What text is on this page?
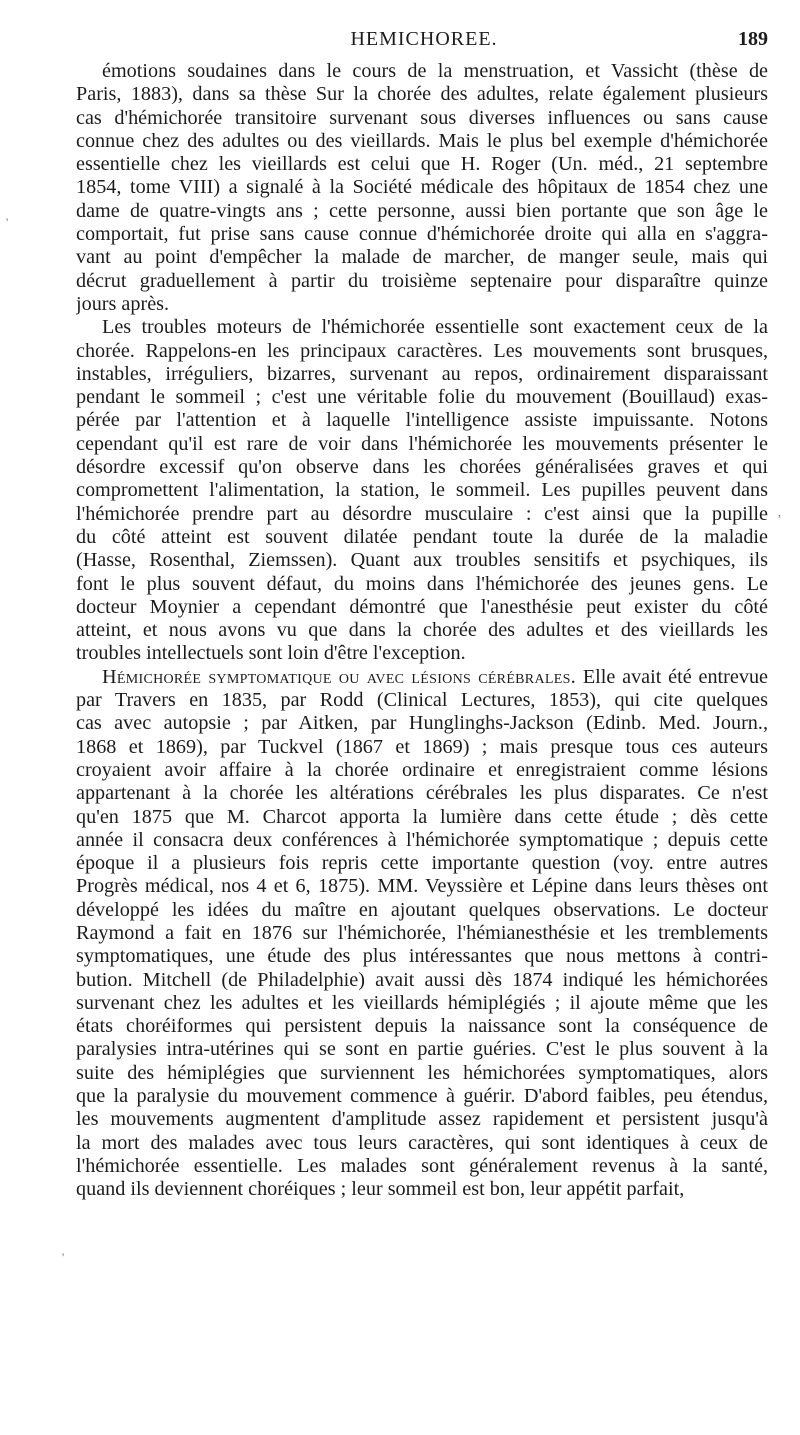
HEMICHOREE.	189
émotions soudaines dans le cours de la menstruation, et Vassicht (thèse de
Paris, 1883), dans sa thèse Sur la chorée des adultes, relate également plusieurs
cas d'hémichorée transitoire survenant sous diverses influences ou sans cause
connue chez des adultes ou des vieillards. Mais le plus bel exemple d'hémichorée
essentielle chez les vieillards est celui que H. Roger (Un. méd., 21 septembre
1854, tome VIII) a signalé à la Société médicale des hôpitaux de 1854 chez une
dame de quatre-vingts ans ; cette personne, aussi bien portante que son âge le
comportait, fut prise sans cause connue d'hémichorée droite qui alla en s'aggra-
vant au point d'empêcher la malade de marcher, de manger seule, mais qui
décrut graduellement à partir du troisième septenaire pour disparaître quinze
jours après.
Les troubles moteurs de l'hémichorée essentielle sont exactement ceux de la
chorée. Rappelons-en les principaux caractères. Les mouvements sont brusques,
instables, irréguliers, bizarres, survenant au repos, ordinairement disparaissant
pendant le sommeil ; c'est une véritable folie du mouvement (Bouillaud) exas-
pérée par l'attention et à laquelle l'intelligence assiste impuissante. Notons
cependant qu'il est rare de voir dans l'hémichorée les mouvements présenter le
désordre excessif qu'on observe dans les chorées généralisées graves et qui
compromettent l'alimentation, la station, le sommeil. Les pupilles peuvent dans
l'hémichorée prendre part au désordre musculaire : c'est ainsi que la pupille
du côté atteint est souvent dilatée pendant toute la durée de la maladie
(Hasse, Rosenthal, Ziemssen). Quant aux troubles sensitifs et psychiques, ils
font le plus souvent défaut, du moins dans l'hémichorée des jeunes gens. Le
docteur Moynier a cependant démontré que l'anesthésie peut exister du côté
atteint, et nous avons vu que dans la chorée des adultes et des vieillards les
troubles intellectuels sont loin d'être l'exception.
Hémichorée symptomatique ou avec lésions cérébrales. Elle avait été entrevue
par Travers en 1835, par Rodd (Clinical Lectures, 1853), qui cite quelques
cas avec autopsie ; par Aitken, par Hunglinghs-Jackson (Edinb. Med. Journ.,
1868 et 1869), par Tuckvel (1867 et 1869) ; mais presque tous ces auteurs
croyaient avoir affaire à la chorée ordinaire et enregistraient comme lésions
appartenant à la chorée les altérations cérébrales les plus disparates. Ce n'est
qu'en 1875 que M. Charcot apporta la lumière dans cette étude ; dès cette
année il consacra deux conférences à l'hémichorée symptomatique ; depuis cette
époque il a plusieurs fois repris cette importante question (voy. entre autres
Progrès médical, nos 4 et 6, 1875). MM. Veyssière et Lépine dans leurs thèses ont
développé les idées du maître en ajoutant quelques observations. Le docteur
Raymond a fait en 1876 sur l'hémichorée, l'hémianesthésie et les tremblements
symptomatiques, une étude des plus intéressantes que nous mettons à contri-
bution. Mitchell (de Philadelphie) avait aussi dès 1874 indiqué les hémichorées
survenant chez les adultes et les vieillards hémiplégiés ; il ajoute même que les
états choréiformes qui persistent depuis la naissance sont la conséquence de
paralysies intra-utérines qui se sont en partie guéries. C'est le plus souvent à la
suite des hémiplégies que surviennent les hémichorées symptomatiques, alors
que la paralysie du mouvement commence à guérir. D'abord faibles, peu étendus,
les mouvements augmentent d'amplitude assez rapidement et persistent jusqu'à
la mort des malades avec tous leurs caractères, qui sont identiques à ceux de
l'hémichorée essentielle. Les malades sont généralement revenus à la santé,
quand ils deviennent choréiques ; leur sommeil est bon, leur appétit parfait,
'
,
'
